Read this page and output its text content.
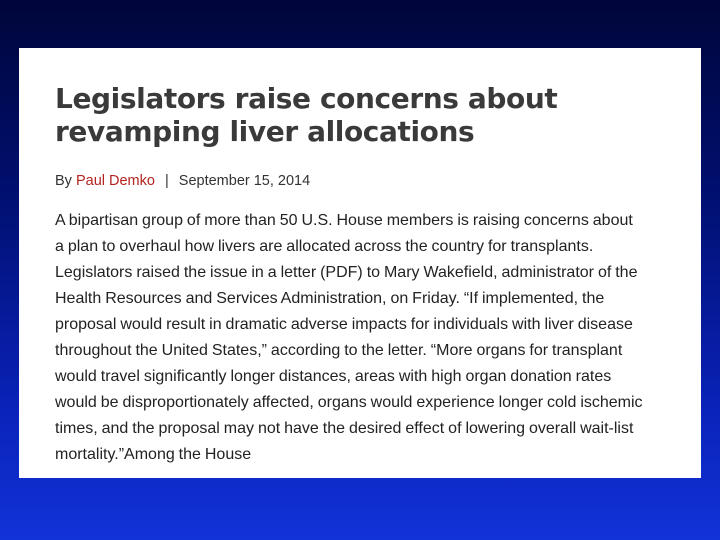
Legislators raise concerns about revamping liver allocations
By Paul Demko | September 15, 2014

A bipartisan group of more than 50 U.S. House members is raising concerns about
a plan to overhaul how livers are allocated across the country for transplants.
Legislators raised the issue in a letter (PDF) to Mary Wakefield, administrator of the
Health Resources and Services Administration, on Friday. “If implemented, the
proposal would result in dramatic adverse impacts for individuals with liver disease
throughout the United States,” according to the letter. “More organs for transplant
would travel significantly longer distances, areas with high organ donation rates
would be disproportionately affected, organs would experience longer cold ischemic
times, and the proposal may not have the desired effect of lowering overall wait-list
mortality.”Among the House
